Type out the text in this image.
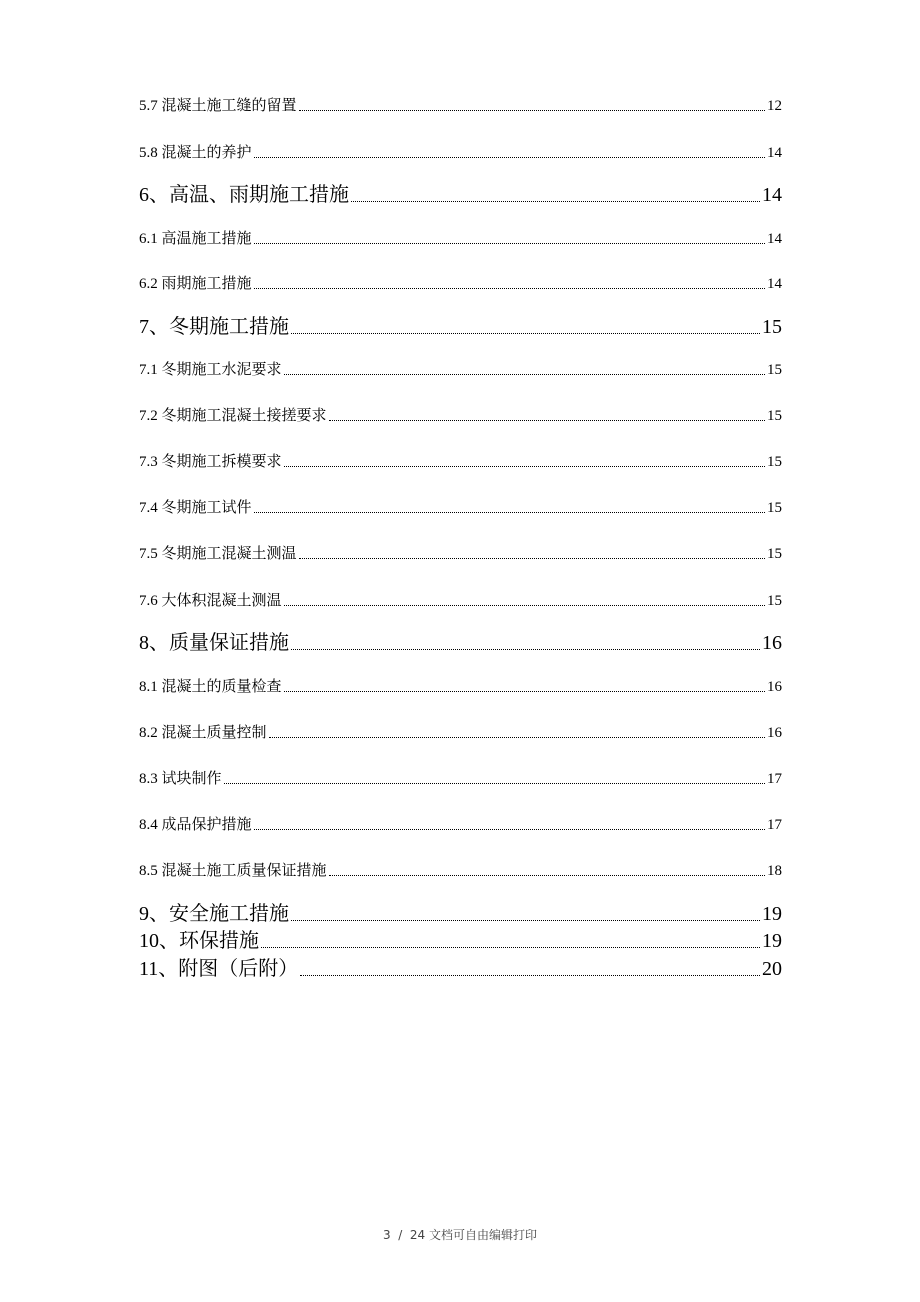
5.7 混凝土施工缝的留置	12
5.8 混凝土的养护	14
6、高温、雨期施工措施	14
6.1 高温施工措施	14
6.2 雨期施工措施	14
7、冬期施工措施	15
7.1 冬期施工水泥要求	15
7.2 冬期施工混凝土接搓要求	15
7.3 冬期施工拆模要求	15
7.4 冬期施工试件	15
7.5 冬期施工混凝土测温	15
7.6 大体积混凝土测温	15
8、质量保证措施	16
8.1 混凝土的质量检查	16
8.2 混凝土质量控制	16
8.3 试块制作	17
8.4 成品保护措施	17
8.5 混凝土施工质量保证措施	18
9、安全施工措施	19
10、环保措施	19
11、附图（后附）	20
3  /  24 文档可自由编辑打印
